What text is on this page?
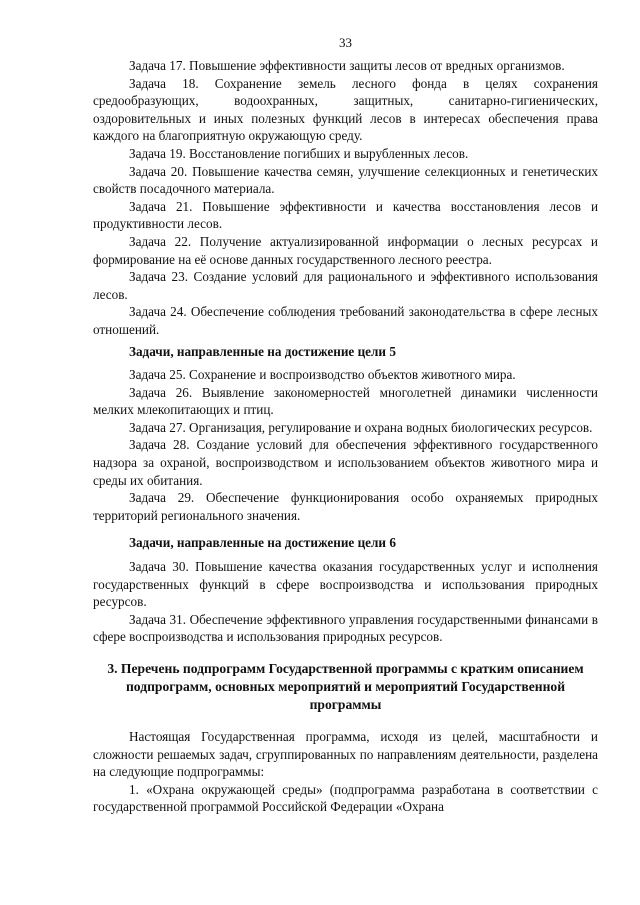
33

Задача 17. Повышение эффективности защиты лесов от вредных организмов.

Задача 18. Сохранение земель лесного фонда в целях сохранения средообразующих, водоохранных, защитных, санитарно-гигиенических, оздоровительных и иных полезных функций лесов в интересах обеспечения права каждого на благоприятную окружающую среду.

Задача 19. Восстановление погибших и вырубленных лесов.

Задача 20. Повышение качества семян, улучшение селекционных и генетических свойств посадочного материала.

Задача 21. Повышение эффективности и качества восстановления лесов и продуктивности лесов.

Задача 22. Получение актуализированной информации о лесных ресурсах и формирование на её основе данных государственного лесного реестра.

Задача 23. Создание условий для рационального и эффективного использования лесов.

Задача 24. Обеспечение соблюдения требований законодательства в сфере лесных отношений.

Задачи, направленные на достижение цели 5

Задача 25. Сохранение и воспроизводство объектов животного мира.

Задача 26. Выявление закономерностей многолетней динамики численности мелких млекопитающих и птиц.

Задача 27. Организация, регулирование и охрана водных биологических ресурсов.

Задача 28. Создание условий для обеспечения эффективного государственного надзора за охраной, воспроизводством и использованием объектов животного мира и среды их обитания.

Задача 29. Обеспечение функционирования особо охраняемых природных территорий регионального значения.

Задачи, направленные на достижение цели 6

Задача 30. Повышение качества оказания государственных услуг и исполнения государственных функций в сфере воспроизводства и использования природных ресурсов.

Задача 31. Обеспечение эффективного управления государственными финансами в сфере воспроизводства и использования природных ресурсов.

3. Перечень подпрограмм Государственной программы с кратким описанием подпрограмм, основных мероприятий и мероприятий Государственной программы

Настоящая Государственная программа, исходя из целей, масштабности и сложности решаемых задач, сгруппированных по направлениям деятельности, разделена на следующие подпрограммы:

1. «Охрана окружающей среды» (подпрограмма разработана в соответствии с государственной программой Российской Федерации «Охрана
